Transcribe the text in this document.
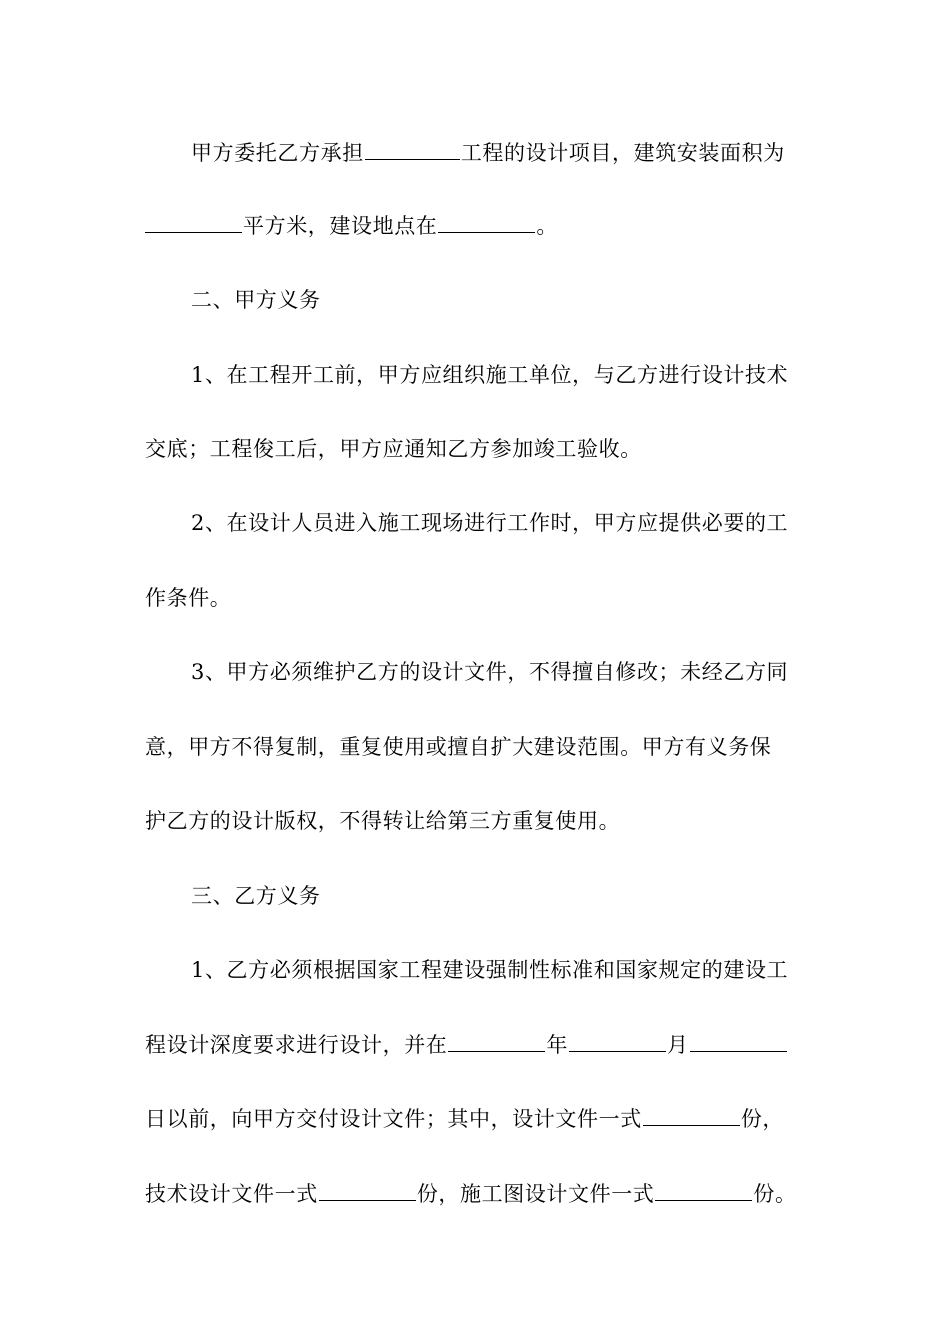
甲方委托乙方承担	工程的设计项目，建筑安装面积为
平方米，建设地点在	。
二、甲方义务
1、在工程开工前，甲方应组织施工单位，与乙方进行设计技术
交底；工程俊工后，甲方应通知乙方参加竣工验收。
2、在设计人员进入施工现场进行工作时，甲方应提供必要的工
作条件。
3、甲方必须维护乙方的设计文件，不得擅自修改；未经乙方同
意，甲方不得复制，重复使用或擅自扩大建设范围。甲方有义务保
护乙方的设计版权，不得转让给第三方重复使用。
三、乙方义务
1、乙方必须根据国家工程建设强制性标准和国家规定的建设工
程设计深度要求进行设计，并在	年	月
日以前，向甲方交付设计文件；其中，设计文件一式	份，
技术设计文件一式	份，施工图设计文件一式	份。
